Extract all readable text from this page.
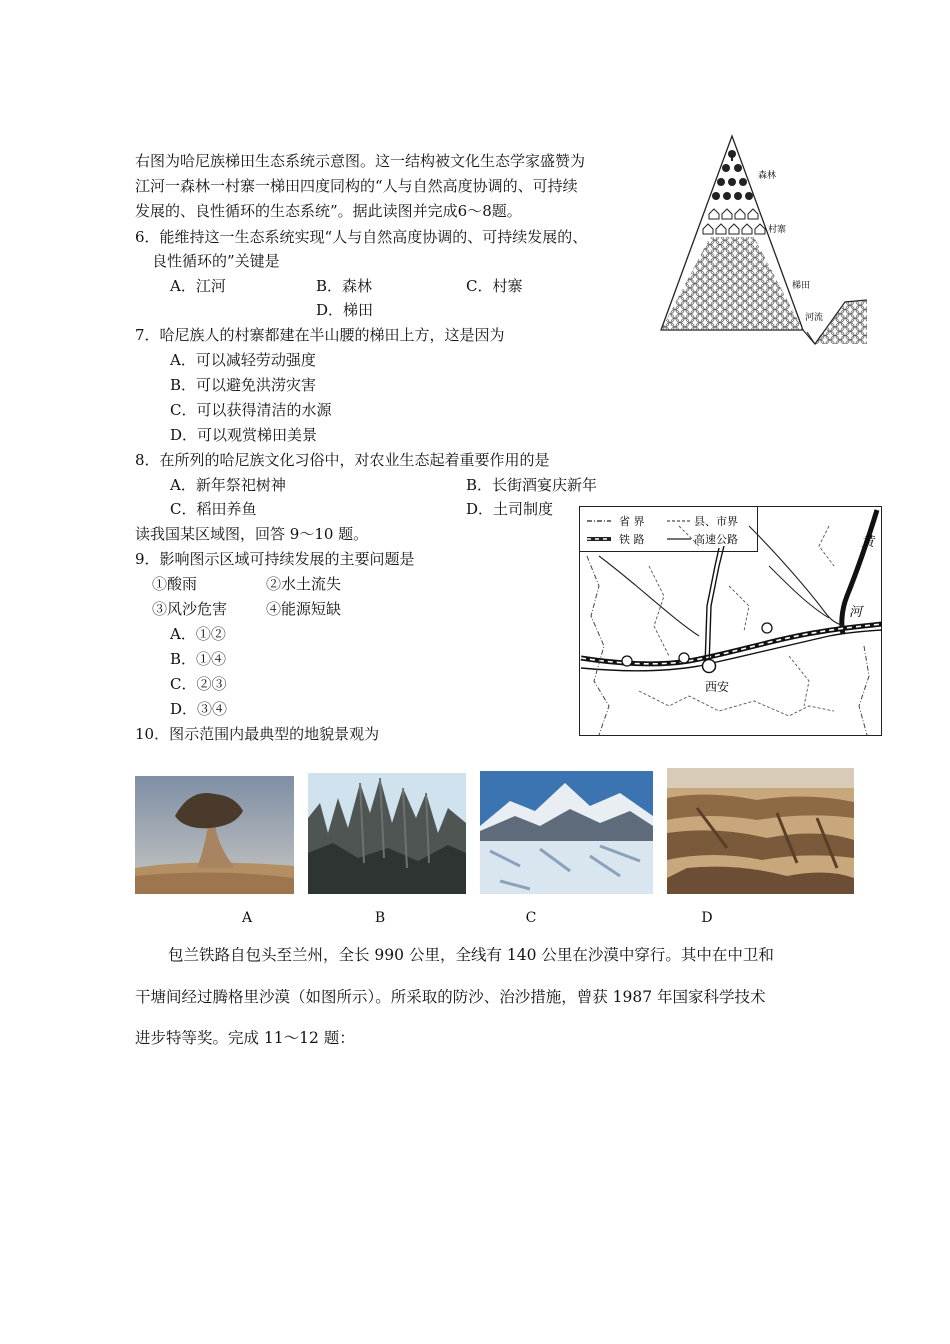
右图为哈尼族梯田生态系统示意图。这一结构被文化生态学家盛赞为
江河一森林一村寨一梯田四度同构的“人与自然高度协调的、可持续
发展的、良性循环的生态系统”。据此读图并完成6～8题。
6．能维持这一生态系统实现“人与自然高度协调的、可持续发展的、
良性循环的”关键是
A．江河	B．森林	C．村寨
D．梯田
7．哈尼族人的村寨都建在半山腰的梯田上方，这是因为
A．可以减轻劳动强度
B．可以避免洪涝灾害
C．可以获得清洁的水源
D．可以观赏梯田美景
8．在所列的哈尼族文化习俗中，对农业生态起着重要作用的是
A．新年祭祀树神	B．长街酒宴庆新年
C．稻田养鱼	D．土司制度
读我国某区域图，回答 9～10 题。
9．影响图示区域可持续发展的主要问题是
①酸雨	②水土流失
③风沙危害	④能源短缺
A．①②
B．①④
C．②③
D．③④
10．图示范围内最典型的地貌景观为
森林
村寨
梯田
河流
省 界	县、市界
铁 路	高速公路	黄
河
西安
A	B	C	D
包兰铁路自包头至兰州，全长 990 公里，全线有 140 公里在沙漠中穿行。其中在中卫和
干塘间经过腾格里沙漠（如图所示）。所采取的防沙、治沙措施，曾获 1987 年国家科学技术
进步特等奖。完成 11～12 题：
